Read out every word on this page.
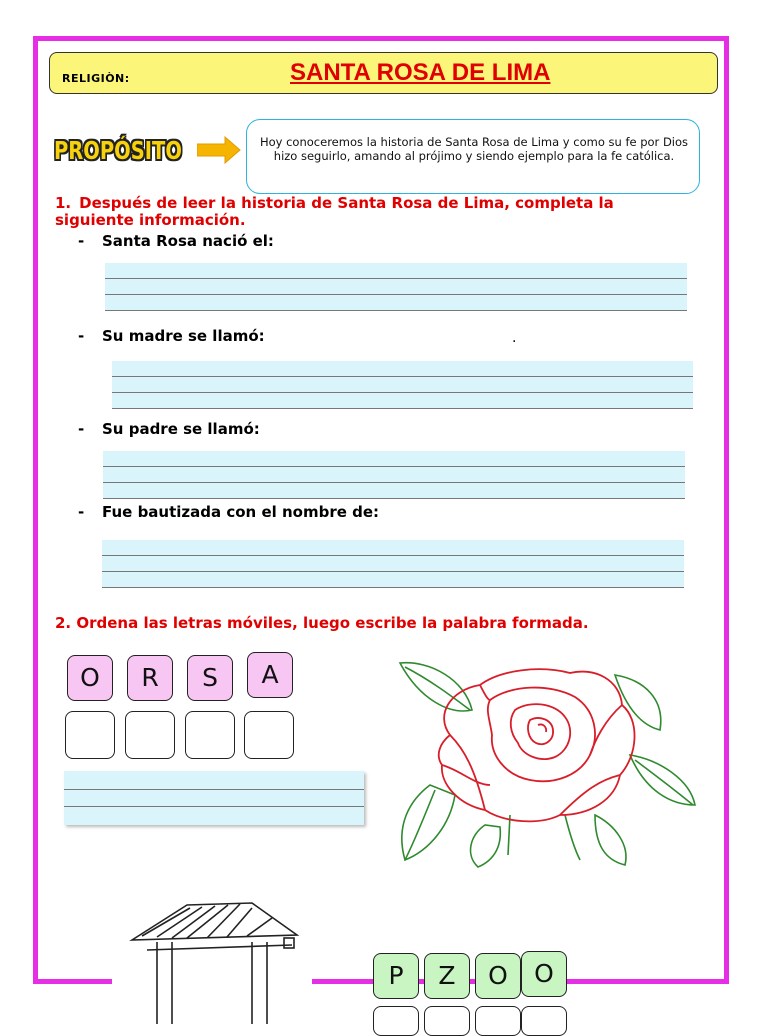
RELIGIÒN:	SANTA ROSA DE LIMA
PROPÓSITO	Hoy conoceremos la historia de Santa Rosa de Lima y como su fe por Dios hizo seguirlo, amando al prójimo y siendo ejemplo para la fe católica.
1. Después de leer la historia de Santa Rosa de Lima, completa la siguiente información.
- Santa Rosa nació el:
- Su madre se llamó:	.
- Su padre se llamó:
- Fue bautizada con el nombre de:
2. Ordena las letras móviles, luego escribe la palabra formada.
O	R	S	A
P	Z	O	O
